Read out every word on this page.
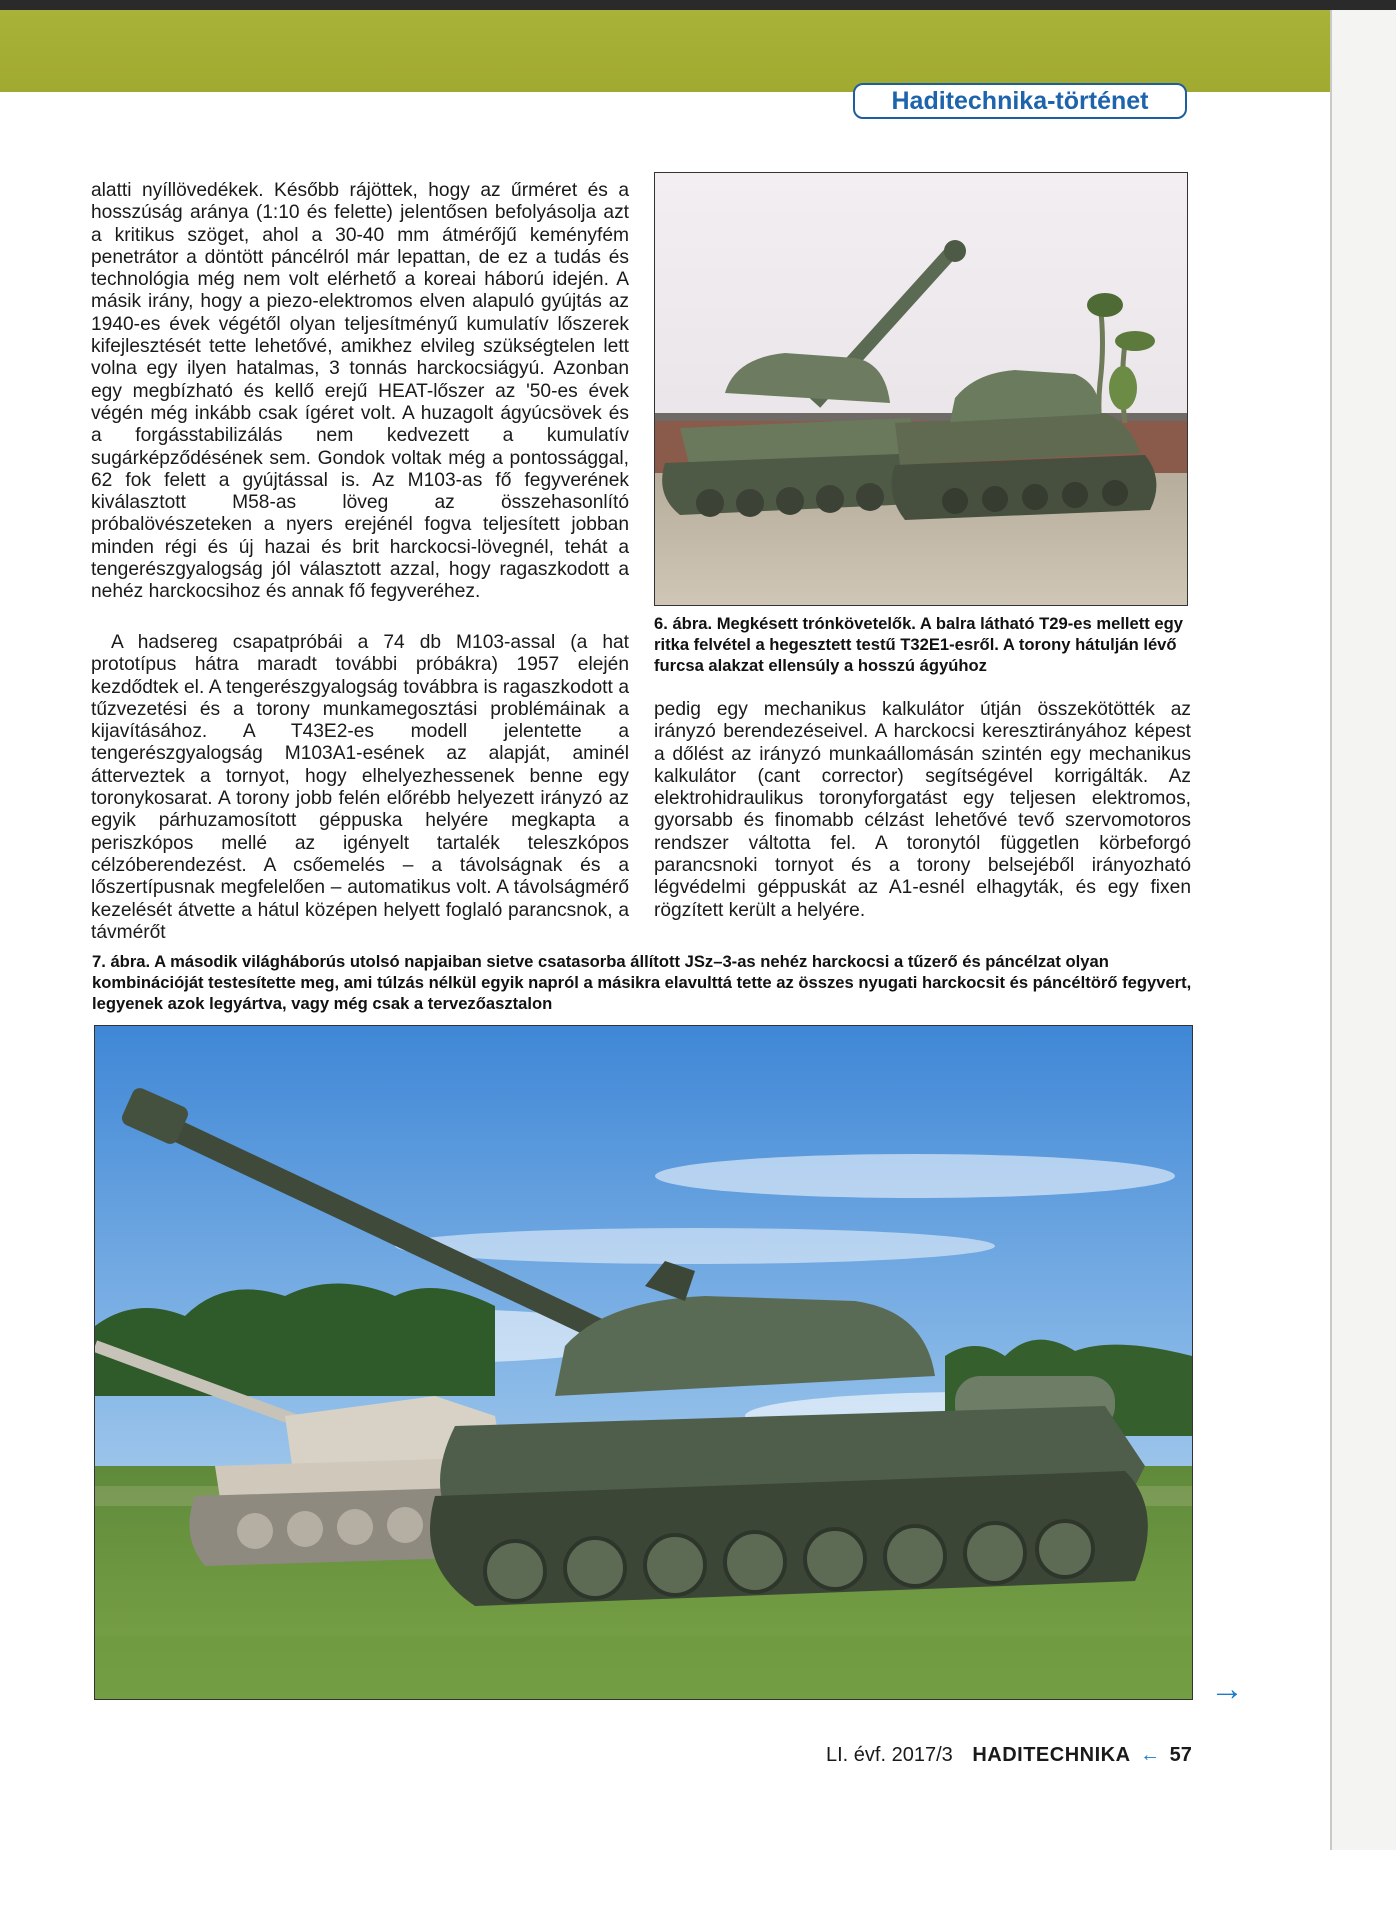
Haditechnika-történet

alatti nyíllövedékek. Később rájöttek, hogy az űrméret és a hosszúság aránya (1:10 és felette) jelentősen befolyásolja azt a kritikus szöget, ahol a 30-40 mm átmérőjű keményfém penetrátor a döntött páncélról már lepattan, de ez a tudás és technológia még nem volt elérhető a koreai háború idején. A másik irány, hogy a piezo-elektromos elven alapuló gyújtás az 1940-es évek végétől olyan teljesítményű kumulatív lőszerek kifejlesztését tette lehetővé, amikhez elvileg szükségtelen lett volna egy ilyen hatalmas, 3 tonnás harckocsiágyú. Azonban egy megbízható és kellő erejű HEAT-lőszer az '50-es évek végén még inkább csak ígéret volt. A huzagolt ágyúcsövek és a forgásstabilizálás nem kedvezett a kumulatív sugárképződésének sem. Gondok voltak még a pontossággal, 62 fok felett a gyújtással is. Az M103-as fő fegyverének kiválasztott M58-as löveg az összehasonlító próbalövészeteken a nyers erejénél fogva teljesített jobban minden régi és új hazai és brit harckocsi-lövegnél, tehát a tengerészgyalogság jól választott azzal, hogy ragaszkodott a nehéz harckocsihoz és annak fő fegyveréhez.

A hadsereg csapatpróbái a 74 db M103-assal (a hat prototípus hátra maradt további próbákra) 1957 elején kezdődtek el. A tengerészgyalogság továbbra is ragaszkodott a tűzvezetési és a torony munkamegosztási problémáinak a kijavításához. A T43E2-es modell jelentette a tengerészgyalogság M103A1-esének az alapját, aminél átterveztek a tornyot, hogy elhelyezhessenek benne egy toronykosarat. A torony jobb felén előrébb helyezett irányzó az egyik párhuzamosított géppuska helyére megkapta a periszkópos mellé az igényelt tartalék teleszkópos célzóberendezést. A csőemelés – a távolságnak és a lőszertípusnak megfelelően – automatikus volt. A távolságmérő kezelését átvette a hátul középen helyett foglaló parancsnok, a távmérőt

6. ábra. Megkésett trónkövetelők. A balra látható T29-es mellett egy ritka felvétel a hegesztett testű T32E1-esről. A torony hátulján lévő furcsa alakzat ellensúly a hosszú ágyúhoz

pedig egy mechanikus kalkulátor útján összekötötték az irányzó berendezéseivel. A harckocsi keresztirányához képest a dőlést az irányzó munkaállomásán szintén egy mechanikus kalkulátor (cant corrector) segítségével korrigálták. Az elektrohidraulikus toronyforgatást egy teljesen elektromos, gyorsabb és finomabb célzást lehetővé tevő szervomotoros rendszer váltotta fel. A toronytól független körbeforgó parancsnoki tornyot és a torony belsejéből irányozható légvédelmi géppuskát az A1-esnél elhagyták, és egy fixen rögzített került a helyére.

7. ábra. A második világháborús utolsó napjaiban sietve csatasorba állított JSz–3-as nehéz harckocsi a tűzerő és páncélzat olyan kombinációját testesítette meg, ami túlzás nélkül egyik napról a másikra elavulttá tette az összes nyugati harckocsit és páncéltörő fegyvert, legyenek azok legyártva, vagy még csak a tervezőasztalon
→
LI. évf. 2017/3 HADITECHNIKA ← 57
